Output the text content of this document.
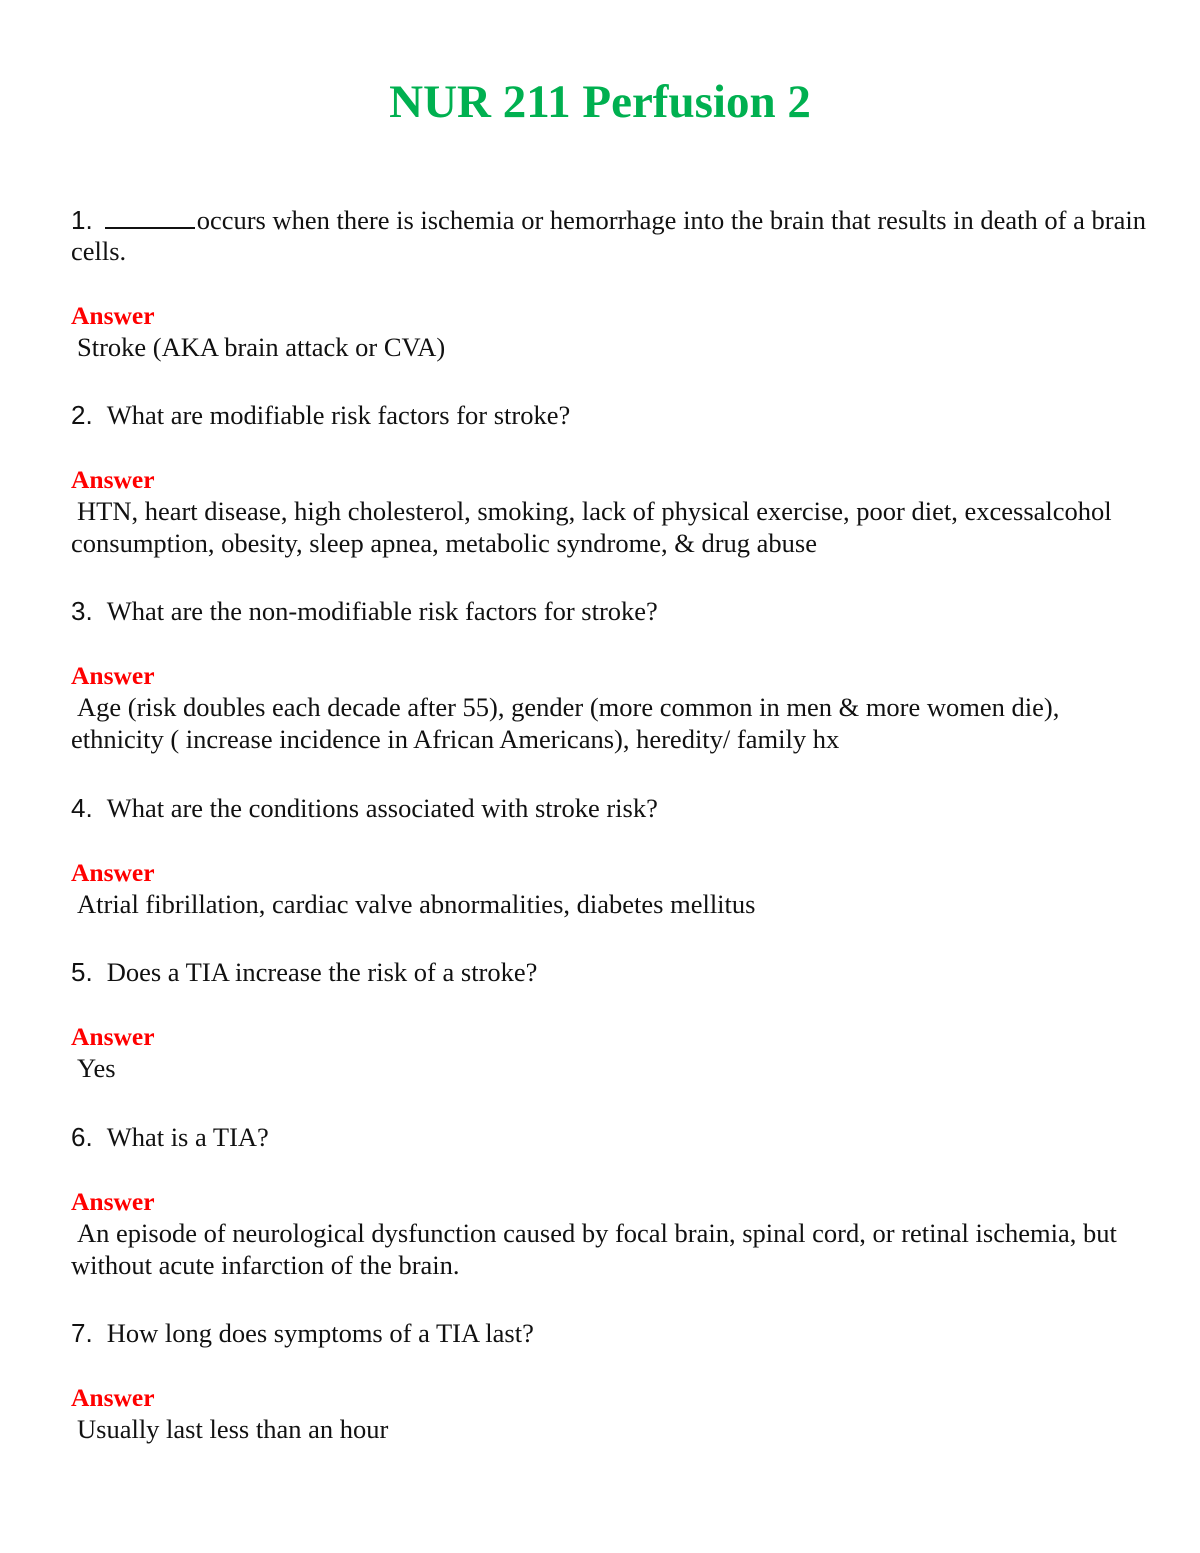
NUR 211 Perfusion 2

1.	occurs when there is ischemia or hemorrhage into the brain that results in death of a brain cells.

Answer

Stroke (AKA brain attack or CVA)

2. What are modifiable risk factors for stroke?

Answer

HTN, heart disease, high cholesterol, smoking, lack of physical exercise, poor diet, excessalcohol consumption, obesity, sleep apnea, metabolic syndrome, & drug abuse

3. What are the non-modifiable risk factors for stroke?

Answer

Age (risk doubles each decade after 55), gender (more common in men & more women die), ethnicity ( increase incidence in African Americans), heredity/ family hx

4. What are the conditions associated with stroke risk?

Answer

Atrial fibrillation, cardiac valve abnormalities, diabetes mellitus

5. Does a TIA increase the risk of a stroke?

Answer

Yes

6. What is a TIA?

Answer

An episode of neurological dysfunction caused by focal brain, spinal cord, or retinal ischemia, but without acute infarction of the brain.

7. How long does symptoms of a TIA last?

Answer

Usually last less than an hour
